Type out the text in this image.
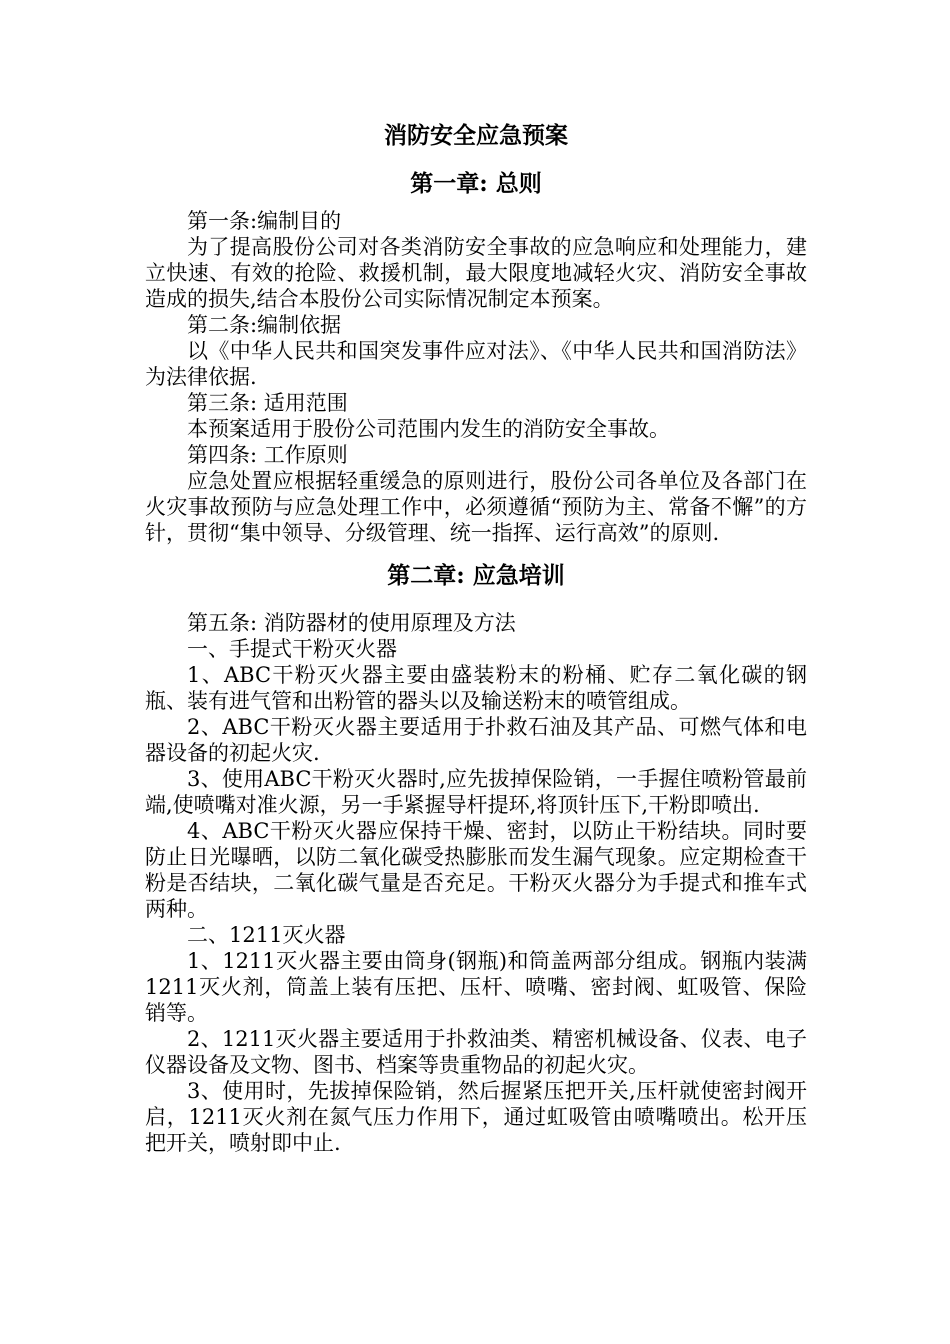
消防安全应急预案
第一章: 总则

第一条:编制目的

为了提高股份公司对各类消防安全事故的应急响应和处理能力，建立快速、有效的抢险、救援机制，最大限度地减轻火灾、消防安全事故造成的损失,结合本股份公司实际情况制定本预案。

第二条:编制依据

以《中华人民共和国突发事件应对法》、《中华人民共和国消防法》为法律依据.

第三条: 适用范围

本预案适用于股份公司范围内发生的消防安全事故。

第四条: 工作原则

应急处置应根据轻重缓急的原则进行，股份公司各单位及各部门在火灾事故预防与应急处理工作中，必须遵循“预防为主、常备不懈”的方针，贯彻“集中领导、分级管理、统一指挥、运行高效”的原则.

第二章: 应急培训

第五条: 消防器材的使用原理及方法

一、手提式干粉灭火器

1、ABC干粉灭火器主要由盛装粉末的粉桶、贮存二氧化碳的钢瓶、装有进气管和出粉管的器头以及输送粉末的喷管组成。

2、ABC干粉灭火器主要适用于扑救石油及其产品、可燃气体和电器设备的初起火灾.

3、使用ABC干粉灭火器时,应先拔掉保险销，一手握住喷粉管最前端,使喷嘴对准火源，另一手紧握导杆提环,将顶针压下,干粉即喷出.

4、ABC干粉灭火器应保持干燥、密封，以防止干粉结块。同时要防止日光曝晒，以防二氧化碳受热膨胀而发生漏气现象。应定期检查干粉是否结块，二氧化碳气量是否充足。干粉灭火器分为手提式和推车式两种。

二、1211灭火器

1、1211灭火器主要由筒身(钢瓶)和筒盖两部分组成。钢瓶内装满1211灭火剂，筒盖上装有压把、压杆、喷嘴、密封阀、虹吸管、保险销等。

2、1211灭火器主要适用于扑救油类、精密机械设备、仪表、电子仪器设备及文物、图书、档案等贵重物品的初起火灾。

3、使用时，先拔掉保险销，然后握紧压把开关,压杆就使密封阀开启，1211灭火剂在氮气压力作用下，通过虹吸管由喷嘴喷出。松开压把开关，喷射即中止.
